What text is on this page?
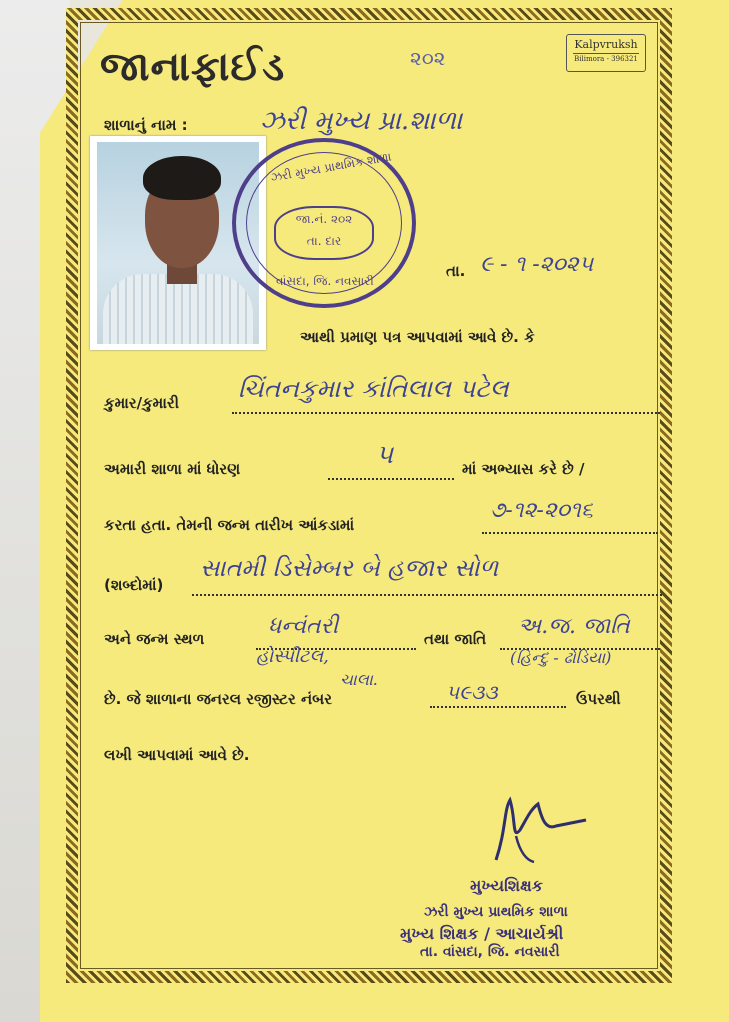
જાનાફાઈડ	૨૦૨
Kalpvruksh
Bilimora - 396321
શાળાનું નામ :	ઝરી મુખ્ય પ્રા.શાળા
ઝરી મુખ્ય પ્રાથમિક શાળા
જા.નં. ૨૦૨
તા. દાર
વાંસદા, જિ. નવસારી
તા. ૯ - ૧ -૨૦૨૫
આથી પ્રમાણ પત્ર આપવામાં આવે છે. કે
કુમાર/કુમારી ચિંતનકુમાર કાંતિલાલ પટેલ
અમારી શાળા માં ધોરણ	૫	માં અભ્યાસ કરે છે /
કરતા હતા. તેમની જન્મ તારીખ આંકડામાં
૭-૧૨-૨૦૧૬
(શબ્દોમાં)
સાતમી ડિસેમ્બર બે હજાર સોળ
અને જન્મ સ્થળ	ધન્વંતરી
હોસ્પીટલ,
ચાલા.
તથા જાતિ અ.જ. જાતિ
(હિન્દુ - ઢોડિયા)
છે. જે શાળાના જનરલ રજીસ્ટર નંબર	૫૯૩૩	ઉપરથી
લખી આપવામાં આવે છે.
મુખ્યશિક્ષક
ઝરી મુખ્ય પ્રાથમિક શાળા
મુખ્ય શિક્ષક / આચાર્યશ્રી
તા. વાંસદા, જિ. નવસારી
